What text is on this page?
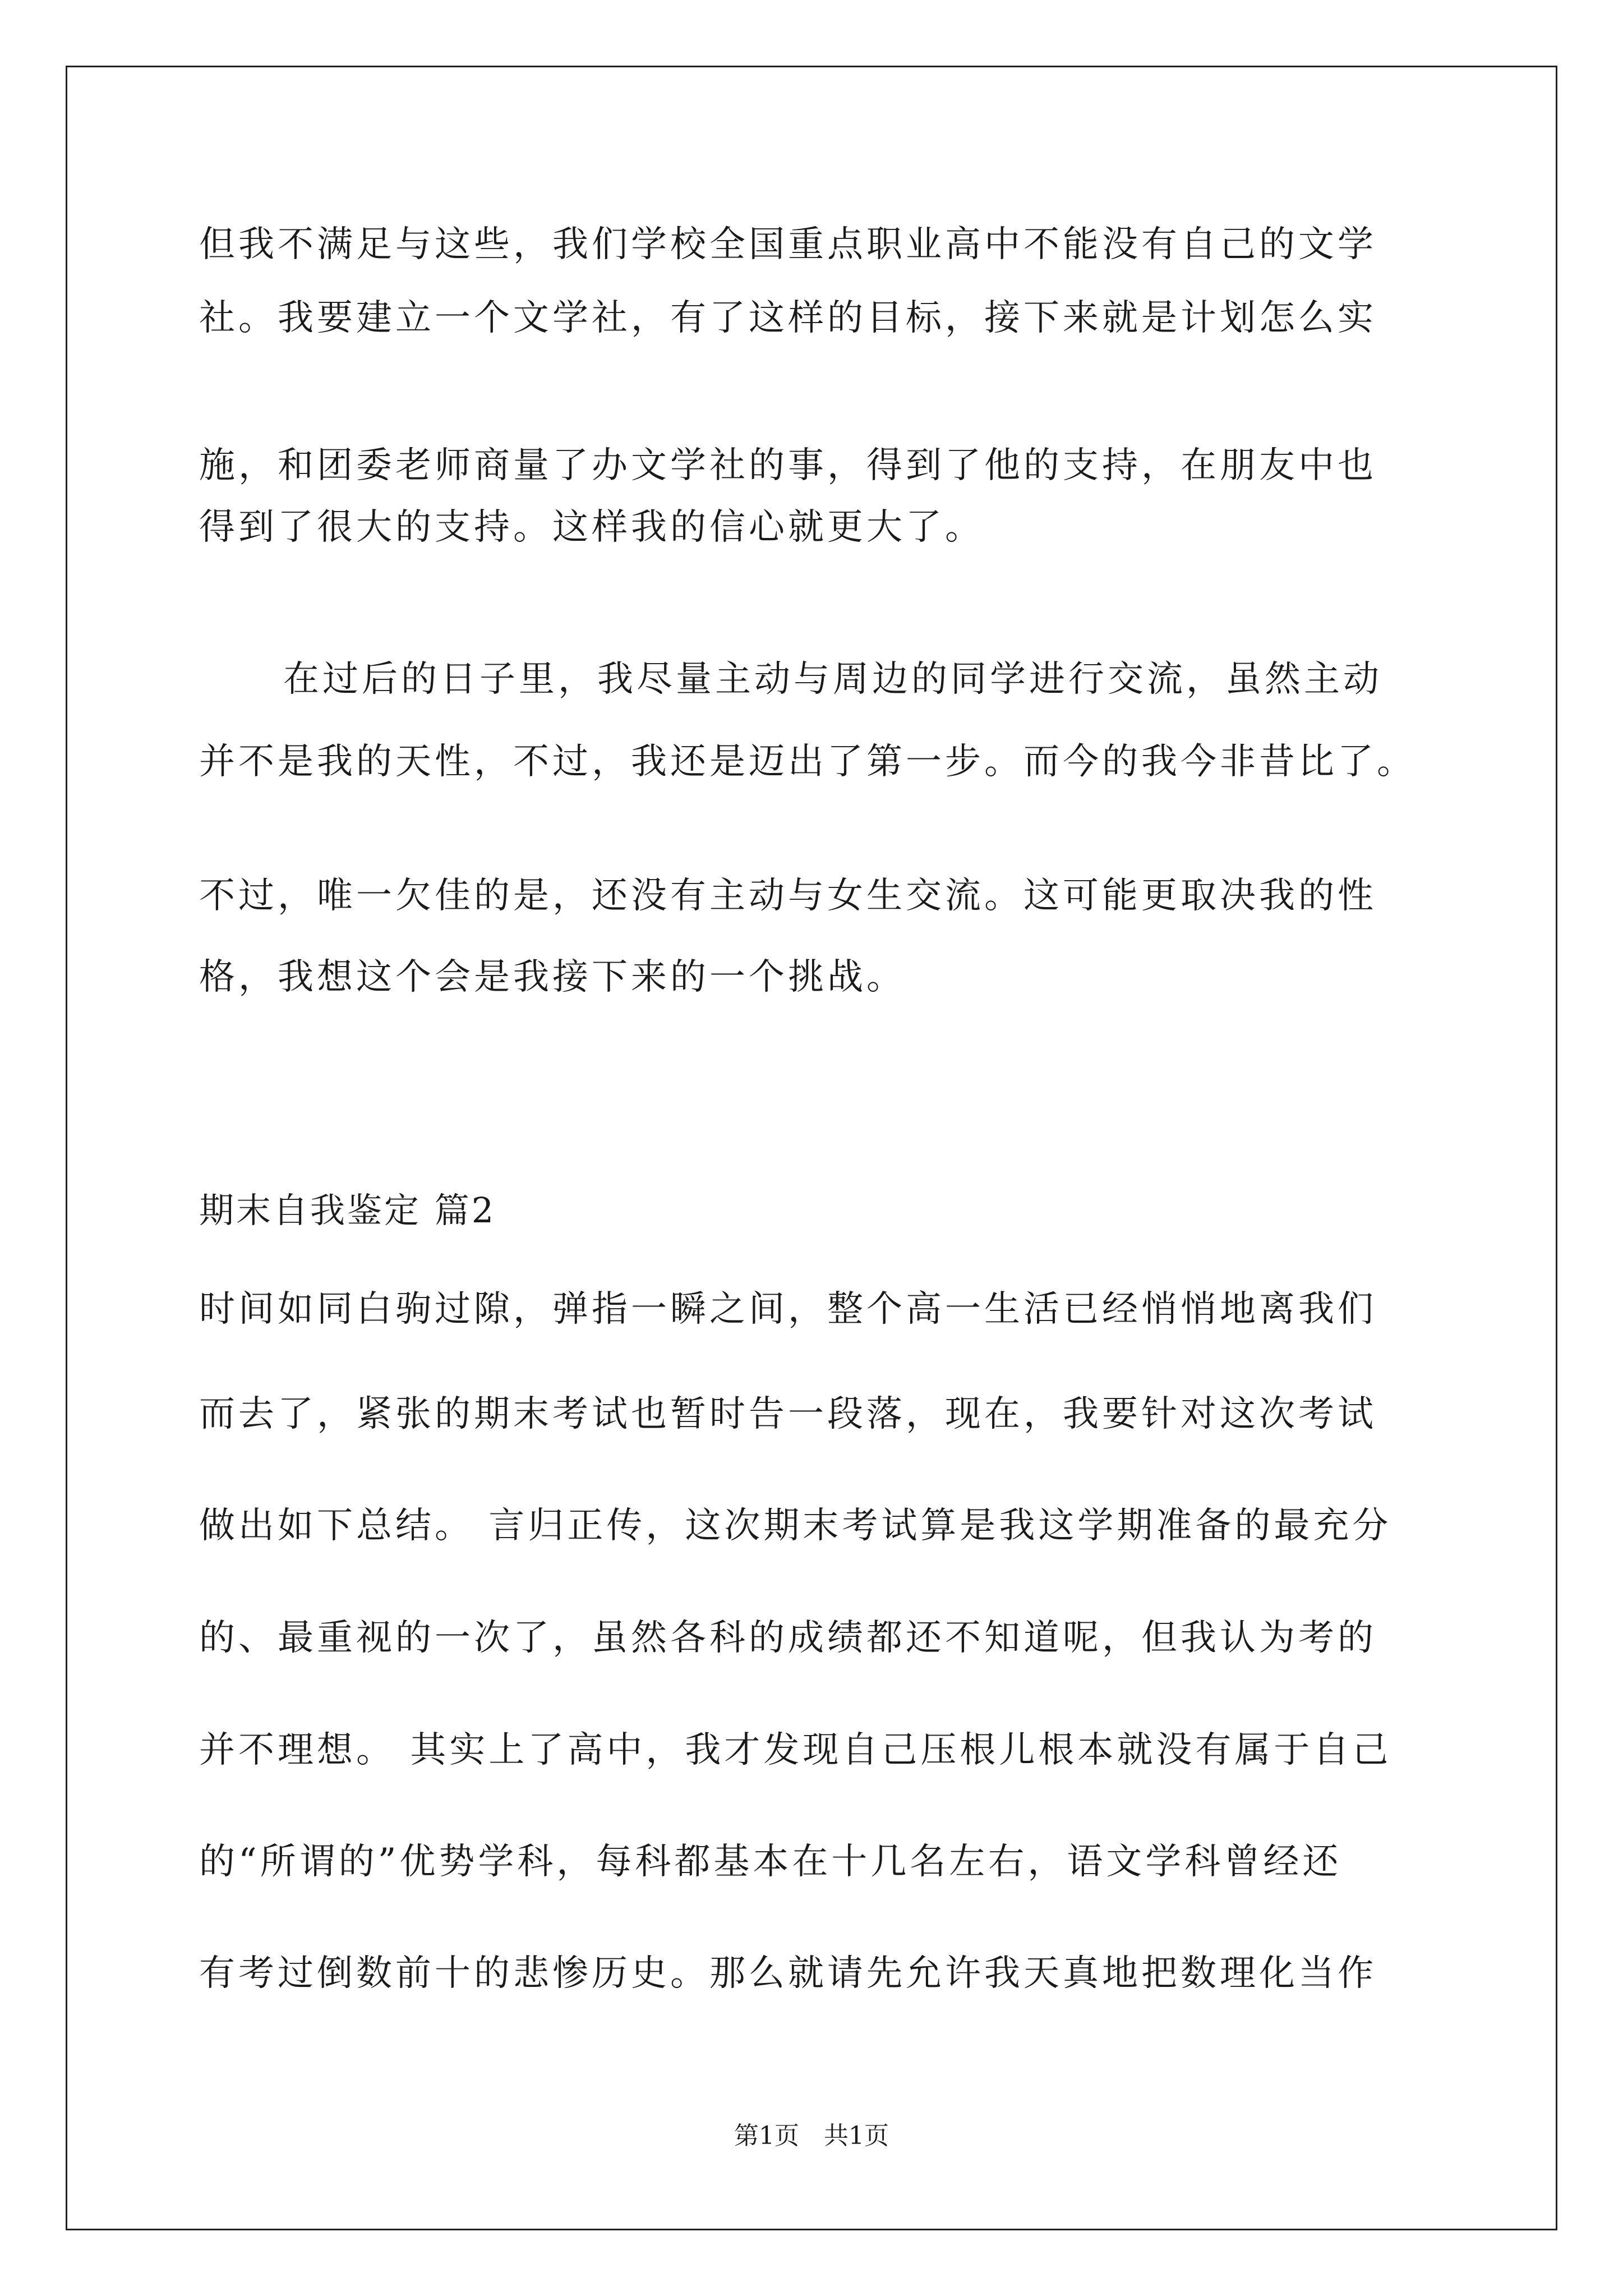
但我不满足与这些，我们学校全国重点职业高中不能没有自己的文学
社。我要建立一个文学社，有了这样的目标，接下来就是计划怎么实
施，和团委老师商量了办文学社的事，得到了他的支持，在朋友中也
得到了很大的支持。这样我的信心就更大了。
在过后的日子里，我尽量主动与周边的同学进行交流，虽然主动
并不是我的天性，不过，我还是迈出了第一步。而今的我今非昔比了。
不过，唯一欠佳的是，还没有主动与女生交流。这可能更取决我的性
格，我想这个会是我接下来的一个挑战。
期末自我鉴定 篇2
时间如同白驹过隙，弹指一瞬之间，整个高一生活已经悄悄地离我们
而去了，紧张的期末考试也暂时告一段落，现在，我要针对这次考试
做出如下总结。 言归正传，这次期末考试算是我这学期准备的最充分
的、最重视的一次了，虽然各科的成绩都还不知道呢，但我认为考的
并不理想。 其实上了高中，我才发现自己压根儿根本就没有属于自己
的“所谓的”优势学科，每科都基本在十几名左右，语文学科曾经还
有考过倒数前十的悲惨历史。那么就请先允许我天真地把数理化当作
第1页　共1页
